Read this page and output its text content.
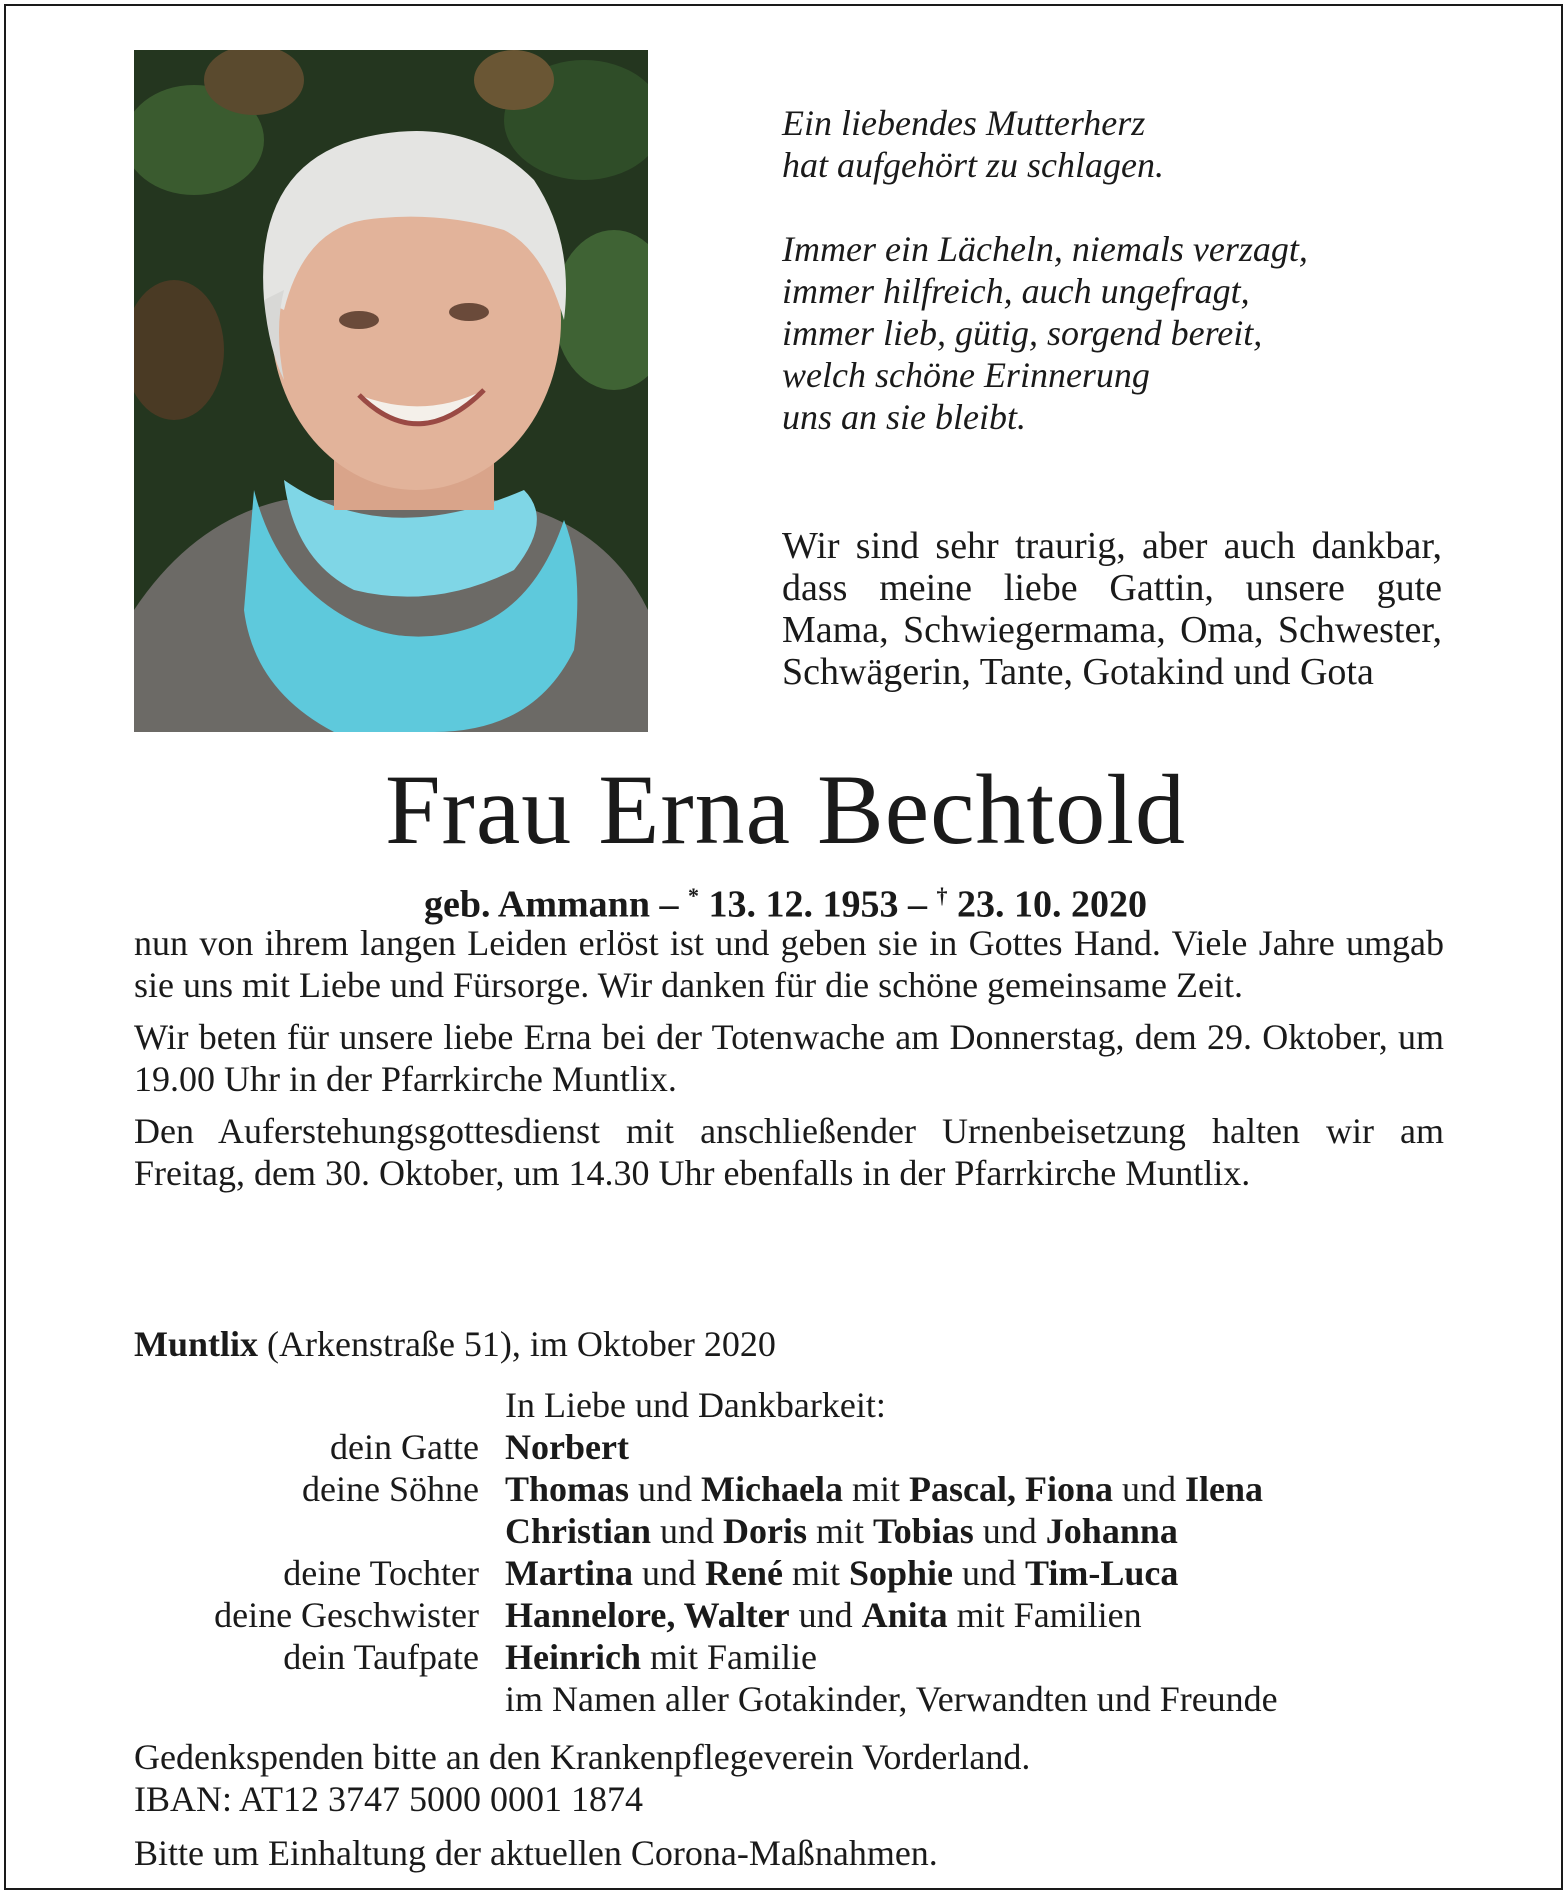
Ein liebendes Mutterherz

hat aufgehört zu schlagen.

Immer ein Lächeln, niemals verzagt,

immer hilfreich, auch ungefragt,

immer lieb, gütig, sorgend bereit,

welch schöne Erinnerung

uns an sie bleibt.

Wir sind sehr traurig, aber auch dankbar, dass meine liebe Gattin, unsere gute Mama, Schwiegermama, Oma, Schwester, Schwägerin, Tante, Gotakind und Gota
Frau Erna Bechtold
geb. Ammann – * 13. 12. 1953 – † 23. 10. 2020

nun von ihrem langen Leiden erlöst ist und geben sie in Gottes Hand. Viele Jahre umgab sie uns mit Liebe und Fürsorge. Wir danken für die schöne gemeinsame Zeit.

Wir beten für unsere liebe Erna bei der Totenwache am Donnerstag, dem 29. Oktober, um 19.00 Uhr in der Pfarrkirche Muntlix.

Den Auferstehungsgottesdienst mit anschließender Urnenbeisetzung halten wir am Freitag, dem 30. Oktober, um 14.30 Uhr ebenfalls in der Pfarrkirche Muntlix.

Muntlix (Arkenstraße 51), im Oktober 2020
In Liebe und Dankbarkeit:
dein Gatte Norbert
deine Söhne Thomas und Michaela mit Pascal, Fiona und Ilena
Christian und Doris mit Tobias und Johanna
deine Tochter Martina und René mit Sophie und Tim-Luca
deine Geschwister Hannelore, Walter und Anita mit Familien
dein Taufpate Heinrich mit Familie
im Namen aller Gotakinder, Verwandten und Freunde

Gedenkspenden bitte an den Krankenpflegeverein Vorderland.

IBAN: AT12 3747 5000 0001 1874

Bitte um Einhaltung der aktuellen Corona-Maßnahmen.
